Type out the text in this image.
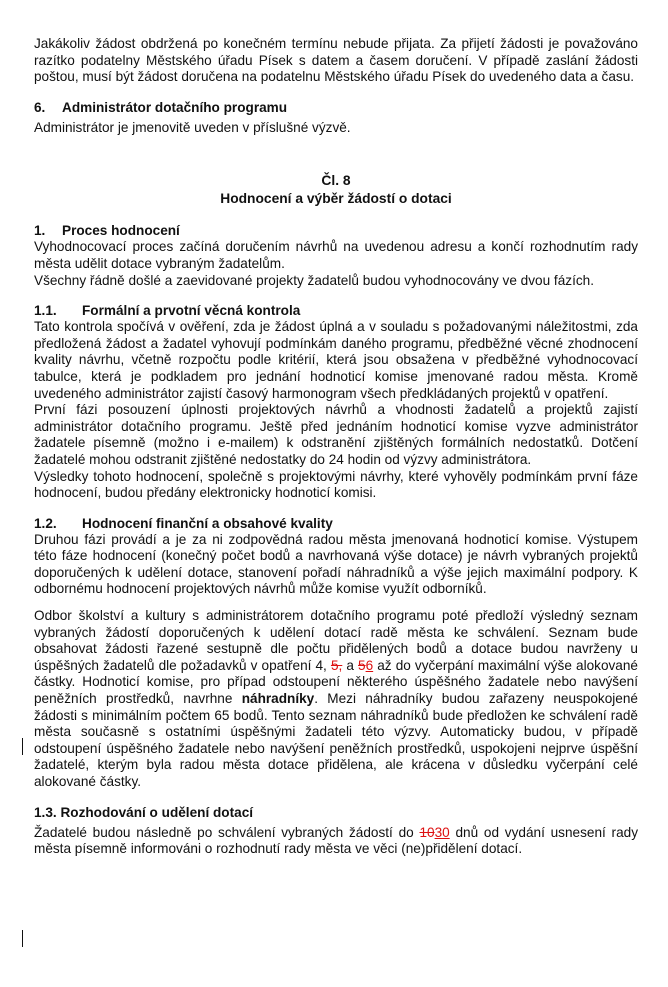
Jakákoliv žádost obdržená po konečném termínu nebude přijata. Za přijetí žádosti je považováno razítko podatelny Městského úřadu Písek s datem a časem doručení. V případě zaslání žádosti poštou, musí být žádost doručena na podatelnu Městského úřadu Písek do uvedeného data a času.

6. Administrátor dotačního programu

Administrátor je jmenovitě uveden v příslušné výzvě.

Čl. 8
Hodnocení a výběr žádostí o dotaci
1. Proces hodnocení

Vyhodnocovací proces začíná doručením návrhů na uvedenou adresu a končí rozhodnutím rady města udělit dotace vybraným žadatelům.

Všechny řádně došlé a zaevidované projekty žadatelů budou vyhodnocovány ve dvou fázích.

1.1. Formální a prvotní věcná kontrola

Tato kontrola spočívá v ověření, zda je žádost úplná a v souladu s požadovanými náležitostmi, zda předložená žádost a žadatel vyhovují podmínkám daného programu, předběžné věcné zhodnocení kvality návrhu, včetně rozpočtu podle kritérií, která jsou obsažena v předběžné vyhodnocovací tabulce, která je podkladem pro jednání hodnoticí komise jmenované radou města. Kromě uvedeného administrátor zajistí časový harmonogram všech předkládaných projektů v opatření.

První fázi posouzení úplnosti projektových návrhů a vhodnosti žadatelů a projektů zajistí administrátor dotačního programu. Ještě před jednáním hodnoticí komise vyzve administrátor žadatele písemně (možno i e-mailem) k odstranění zjištěných formálních nedostatků. Dotčení žadatelé mohou odstranit zjištěné nedostatky do 24 hodin od výzvy administrátora.

Výsledky tohoto hodnocení, společně s projektovými návrhy, které vyhověly podmínkám první fáze hodnocení, budou předány elektronicky hodnoticí komisi.

1.2. Hodnocení finanční a obsahové kvality

Druhou fázi provádí a je za ni zodpovědná radou města jmenovaná hodnoticí komise. Výstupem této fáze hodnocení (konečný počet bodů a navrhovaná výše dotace) je návrh vybraných projektů doporučených k udělení dotace, stanovení pořadí náhradníků a výše jejich maximální podpory. K odbornému hodnocení projektových návrhů může komise využít odborníků.

Odbor školství a kultury s administrátorem dotačního programu poté předloží výsledný seznam vybraných žádostí doporučených k udělení dotací radě města ke schválení. Seznam bude obsahovat žádosti řazené sestupně dle počtu přidělených bodů a dotace budou navrženy u úspěšných žadatelů dle požadavků v opatření 4, 5, a 56 až do vyčerpání maximální výše alokované částky. Hodnoticí komise, pro případ odstoupení některého úspěšného žadatele nebo navýšení peněžních prostředků, navrhne náhradníky. Mezi náhradníky budou zařazeny neuspokojené žádosti s minimálním počtem 65 bodů. Tento seznam náhradníků bude předložen ke schválení radě města současně s ostatními úspěšnými žadateli této výzvy. Automaticky budou, v případě odstoupení úspěšného žadatele nebo navýšení peněžních prostředků, uspokojeni nejprve úspěšní žadatelé, kterým byla radou města dotace přidělena, ale krácena v důsledku vyčerpání celé alokované částky.

1.3. Rozhodování o udělení dotací

Žadatelé budou následně po schválení vybraných žádostí do 1030 dnů od vydání usnesení rady města písemně informováni o rozhodnutí rady města ve věci (ne)přidělení dotací.
